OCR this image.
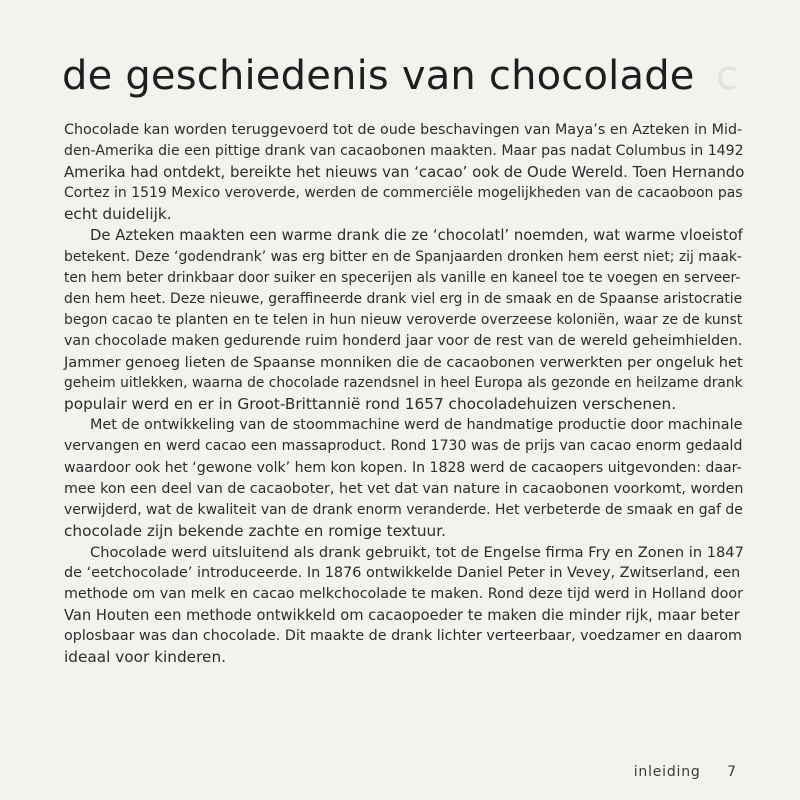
de geschiedenis van chocolade c
Chocolade kan worden teruggevoerd tot de oude beschavingen van Maya’s en Azteken in Mid-
den-Amerika die een pittige drank van cacaobonen maakten. Maar pas nadat Columbus in 1492
Amerika had ontdekt, bereikte het nieuws van ‘cacao’ ook de Oude Wereld. Toen Hernando
Cortez in 1519 Mexico veroverde, werden de commerciële mogelijkheden van de cacaoboon pas
echt duidelijk.
De Azteken maakten een warme drank die ze ‘chocolatl’ noemden, wat warme vloeistof
betekent. Deze ‘godendrank’ was erg bitter en de Spanjaarden dronken hem eerst niet; zij maak-
ten hem beter drinkbaar door suiker en specerijen als vanille en kaneel toe te voegen en serveer-
den hem heet. Deze nieuwe, geraffineerde drank viel erg in de smaak en de Spaanse aristocratie
begon cacao te planten en te telen in hun nieuw veroverde overzeese koloniën, waar ze de kunst
van chocolade maken gedurende ruim honderd jaar voor de rest van de wereld geheimhielden.
Jammer genoeg lieten de Spaanse monniken die de cacaobonen verwerkten per ongeluk het
geheim uitlekken, waarna de chocolade razendsnel in heel Europa als gezonde en heilzame drank
populair werd en er in Groot-Brittannië rond 1657 chocoladehuizen verschenen.
Met de ontwikkeling van de stoommachine werd de handmatige productie door machinale
vervangen en werd cacao een massaproduct. Rond 1730 was de prijs van cacao enorm gedaald
waardoor ook het ‘gewone volk’ hem kon kopen. In 1828 werd de cacaopers uitgevonden: daar-
mee kon een deel van de cacaoboter, het vet dat van nature in cacaobonen voorkomt, worden
verwijderd, wat de kwaliteit van de drank enorm veranderde. Het verbeterde de smaak en gaf de
chocolade zijn bekende zachte en romige textuur.
Chocolade werd uitsluitend als drank gebruikt, tot de Engelse firma Fry en Zonen in 1847
de ‘eetchocolade’ introduceerde. In 1876 ontwikkelde Daniel Peter in Vevey, Zwitserland, een
methode om van melk en cacao melkchocolade te maken. Rond deze tijd werd in Holland door
Van Houten een methode ontwikkeld om cacaopoeder te maken die minder rijk, maar beter
oplosbaar was dan chocolade. Dit maakte de drank lichter verteerbaar, voedzamer en daarom
ideaal voor kinderen.
inleiding 7
